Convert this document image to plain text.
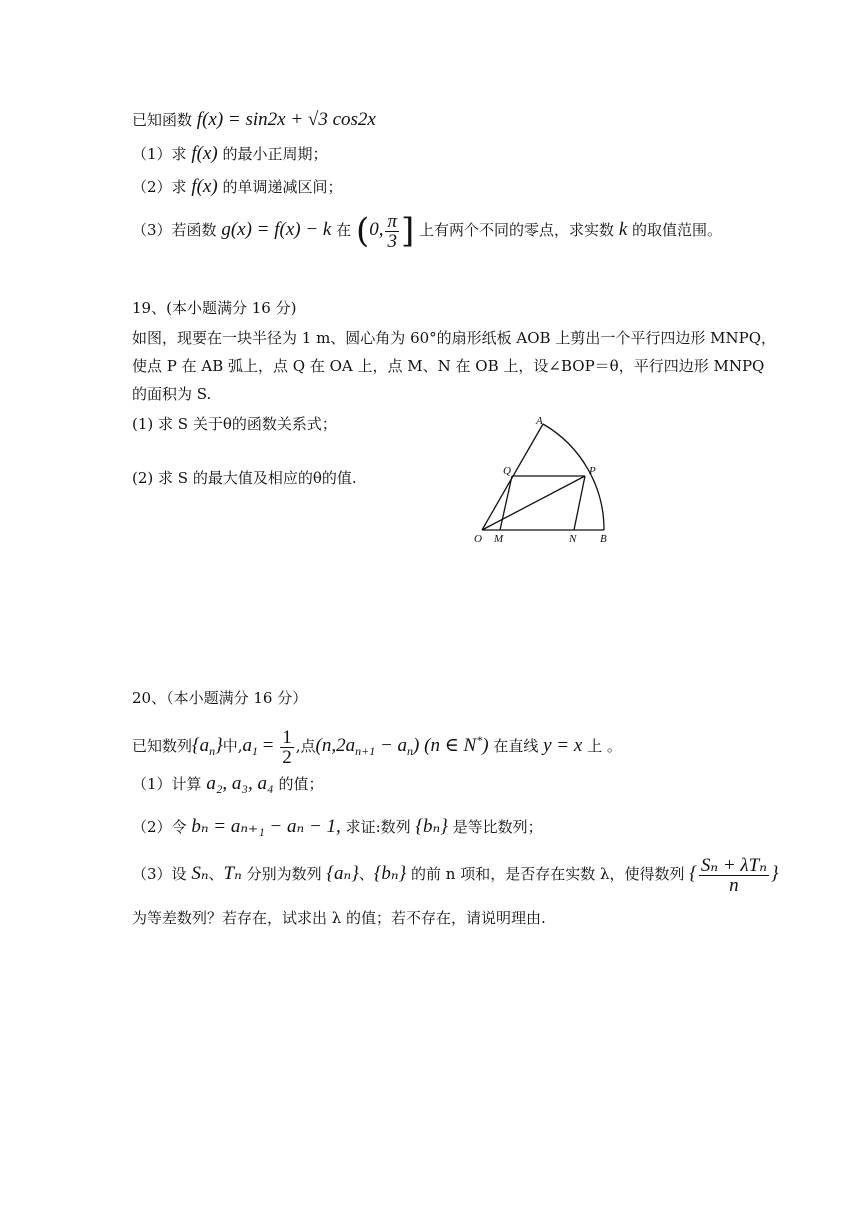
已知函数 f(x) = sin2x + √3 cos2x
（1）求 f(x) 的最小正周期；
（2）求 f(x) 的单调递减区间；
（3）若函数 g(x) = f(x) − k 在 (0, $\frac{\pi}{3}$ ] 上有两个不同的零点，求实数 k 的取值范围。
19、(本小题满分 16 分)
如图，现要在一块半径为 1 m、圆心角为 60°的扇形纸板 AOB 上剪出一个平行四边形 MNPQ，
使点 P 在 AB 弧上，点 Q 在 OA 上，点 M、N 在 OB 上，设∠BOP＝θ，平行四边形 MNPQ
的面积为 S.
(1) 求 S 关于θ的函数关系式；
(2) 求 S 的最大值及相应的θ的值.
A
Q	P
O M	N B
20、（本小题满分 16 分）
已知数列$\{a_n\}$中$,a_1 = \frac{1}{2}$ ,点$(n,2a_{n+1} - a_n)$ (n ∈ N*) 在直线 y = x 上 。
（1）计算 a₂, a₃, a₄ 的值；
（2）令 bₙ = aₙ₊₁ − aₙ − 1, 求证:数列 {bₙ} 是等比数列；
（3）设 Sₙ、Tₙ 分别为数列 {aₙ}、{bₙ} 的前 n 项和，是否存在实数 λ，使得数列 { $\frac{\text{Sₙ + λTₙ}}{n}$ }
为等差数列？若存在，试求出 λ 的值；若不存在，请说明理由.
